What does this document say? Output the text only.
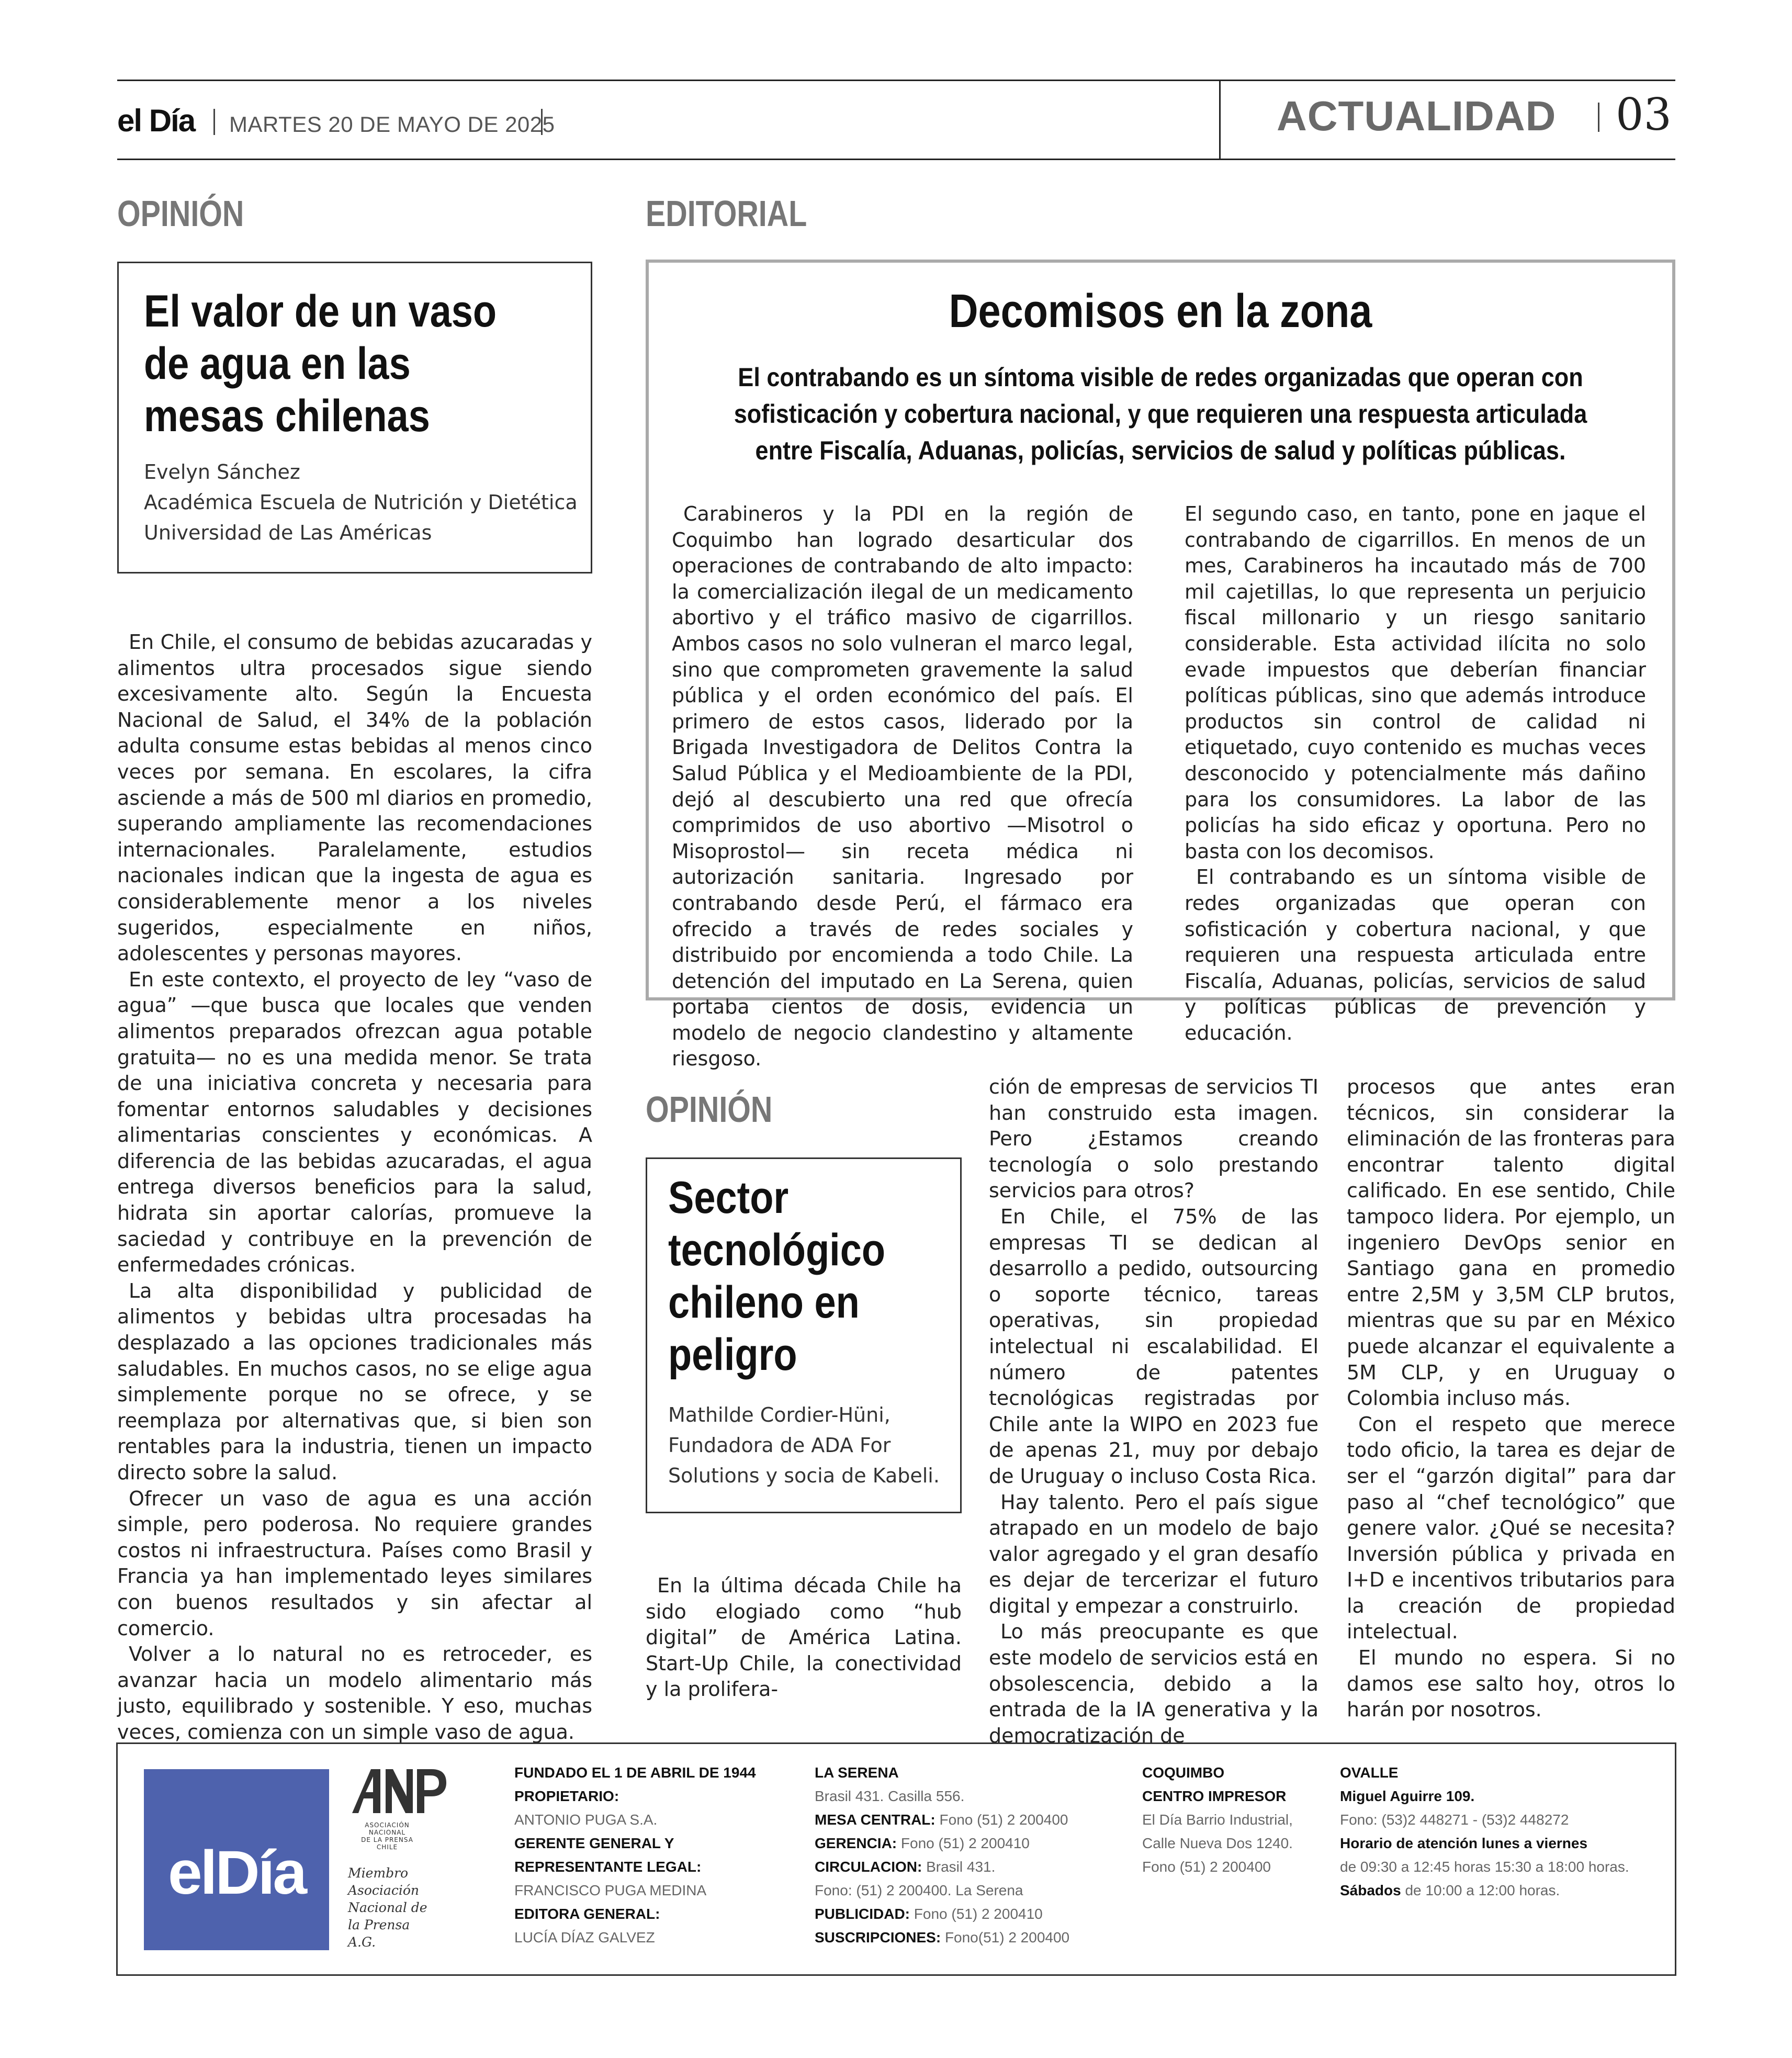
el Día MARTES 20 DE MAYO DE 2025	ACTUALIDAD 03
OPINIÓN
El valor de un vaso
de agua en las
mesas chilenas
Evelyn Sánchez
Académica Escuela de Nutrición y Dietética
Universidad de Las Américas

En Chile, el consumo de bebidas azucaradas y alimentos ultra procesados sigue siendo excesivamente alto. Según la Encuesta Nacional de Salud, el 34% de la población adulta consume estas bebidas al menos cinco veces por semana. En escolares, la cifra asciende a más de 500 ml diarios en promedio, superando ampliamente las recomendaciones internacionales. Paralelamente, estudios nacionales indican que la ingesta de agua es considerablemente menor a los niveles sugeridos, especialmente en niños, adolescentes y personas mayores.

En este contexto, el proyecto de ley “vaso de agua” —que busca que locales que venden alimentos preparados ofrezcan agua potable gratuita— no es una medida menor. Se trata de una iniciativa concreta y necesaria para fomentar entornos saludables y decisiones alimentarias conscientes y económicas. A diferencia de las bebidas azucaradas, el agua entrega diversos beneficios para la salud, hidrata sin aportar calorías, promueve la saciedad y contribuye en la prevención de enfermedades crónicas.

La alta disponibilidad y publicidad de alimentos y bebidas ultra procesadas ha desplazado a las opciones tradicionales más saludables. En muchos casos, no se elige agua simplemente porque no se ofrece, y se reemplaza por alternativas que, si bien son rentables para la industria, tienen un impacto directo sobre la salud.

Ofrecer un vaso de agua es una acción simple, pero poderosa. No requiere grandes costos ni infraestructura. Países como Brasil y Francia ya han implementado leyes similares con buenos resultados y sin afectar al comercio.

Volver a lo natural no es retroceder, es avanzar hacia un modelo alimentario más justo, equilibrado y sostenible. Y eso, muchas veces, comienza con un simple vaso de agua.

EDITORIAL
Decomisos en la zona
El contrabando es un síntoma visible de redes organizadas que operan con
sofisticación y cobertura nacional, y que requieren una respuesta articulada
entre Fiscalía, Aduanas, policías, servicios de salud y políticas públicas.

Carabineros y la PDI en la región de Coquimbo han logrado desarticular dos operaciones de contrabando de alto impacto: la comercialización ilegal de un medicamento abortivo y el tráfico masivo de cigarrillos. Ambos casos no solo vulneran el marco legal, sino que comprometen gravemente la salud pública y el orden económico del país. El primero de estos casos, liderado por la Brigada Investigadora de Delitos Contra la Salud Pública y el Medioambiente de la PDI, dejó al descubierto una red que ofrecía comprimidos de uso abortivo —Misotrol o Misoprostol— sin receta médica ni autorización sanitaria. Ingresado por contrabando desde Perú, el fármaco era ofrecido a través de redes sociales y distribuido por encomienda a todo Chile. La detención del imputado en La Serena, quien portaba cientos de dosis, evidencia un modelo de negocio clandestino y altamente riesgoso.

El segundo caso, en tanto, pone en jaque el contrabando de cigarrillos. En menos de un mes, Carabineros ha incautado más de 700 mil cajetillas, lo que representa un perjuicio fiscal millonario y un riesgo sanitario considerable. Esta actividad ilícita no solo evade impuestos que deberían financiar políticas públicas, sino que además introduce productos sin control de calidad ni etiquetado, cuyo contenido es muchas veces desconocido y potencialmente más dañino para los consumidores. La labor de las policías ha sido eficaz y oportuna. Pero no basta con los decomisos.

El contrabando es un síntoma visible de redes organizadas que operan con sofisticación y cobertura nacional, y que requieren una respuesta articulada entre Fiscalía, Aduanas, policías, servicios de salud y políticas públicas de prevención y educación.

OPINIÓN
Sector
tecnológico
chileno en
peligro
Mathilde Cordier-Hüni,
Fundadora de ADA For
Solutions y socia de Kabeli.

En la última década Chile ha sido elogiado como “hub digital” de América Latina. Start-Up Chile, la conectividad y la prolifera-

ción de empresas de servicios TI han construido esta imagen. Pero ¿Estamos creando tecnología o solo prestando servicios para otros?

En Chile, el 75% de las empresas TI se dedican al desarrollo a pedido, outsourcing o soporte técnico, tareas operativas, sin propiedad intelectual ni escalabilidad. El número de patentes tecnológicas registradas por Chile ante la WIPO en 2023 fue de apenas 21, muy por debajo de Uruguay o incluso Costa Rica.

Hay talento. Pero el país sigue atrapado en un modelo de bajo valor agregado y el gran desafío es dejar de tercerizar el futuro digital y empezar a construirlo.

Lo más preocupante es que este modelo de servicios está en obsolescencia, debido a la entrada de la IA generativa y la democratización de

procesos que antes eran técnicos, sin considerar la eliminación de las fronteras para encontrar talento digital calificado. En ese sentido, Chile tampoco lidera. Por ejemplo, un ingeniero DevOps senior en Santiago gana en promedio entre 2,5M y 3,5M CLP brutos, mientras que su par en México puede alcanzar el equivalente a 5M CLP, y en Uruguay o Colombia incluso más.

Con el respeto que merece todo oficio, la tarea es dejar de ser el “garzón digital” para dar paso al “chef tecnológico” que genere valor. ¿Qué se necesita? Inversión pública y privada en I+D e incentivos tributarios para la creación de propiedad intelectual.

El mundo no espera. Si no damos ese salto hoy, otros lo harán por nosotros.

elDía
ASOCIACIÓN
NACIONAL
DE LA PRENSA
CHILE
Miembro
Asociación
Nacional de
la Prensa
A.G.
FUNDADO EL 1 DE ABRIL DE 1944
PROPIETARIO:
ANTONIO PUGA S.A.
GERENTE GENERAL Y
REPRESENTANTE LEGAL:
FRANCISCO PUGA MEDINA
EDITORA GENERAL:
LUCÍA DÍAZ GALVEZ
LA SERENA
Brasil 431. Casilla 556.
MESA CENTRAL: Fono (51) 2 200400
GERENCIA: Fono (51) 2 200410
CIRCULACION: Brasil 431.
Fono: (51) 2 200400. La Serena
PUBLICIDAD: Fono (51) 2 200410
SUSCRIPCIONES: Fono(51) 2 200400
COQUIMBO
CENTRO IMPRESOR
El Día Barrio Industrial,
Calle Nueva Dos 1240.
Fono (51) 2 200400
OVALLE
Miguel Aguirre 109.
Fono: (53)2 448271 - (53)2 448272
Horario de atención lunes a viernes
de 09:30 a 12:45 horas 15:30 a 18:00 horas.
Sábados de 10:00 a 12:00 horas.
